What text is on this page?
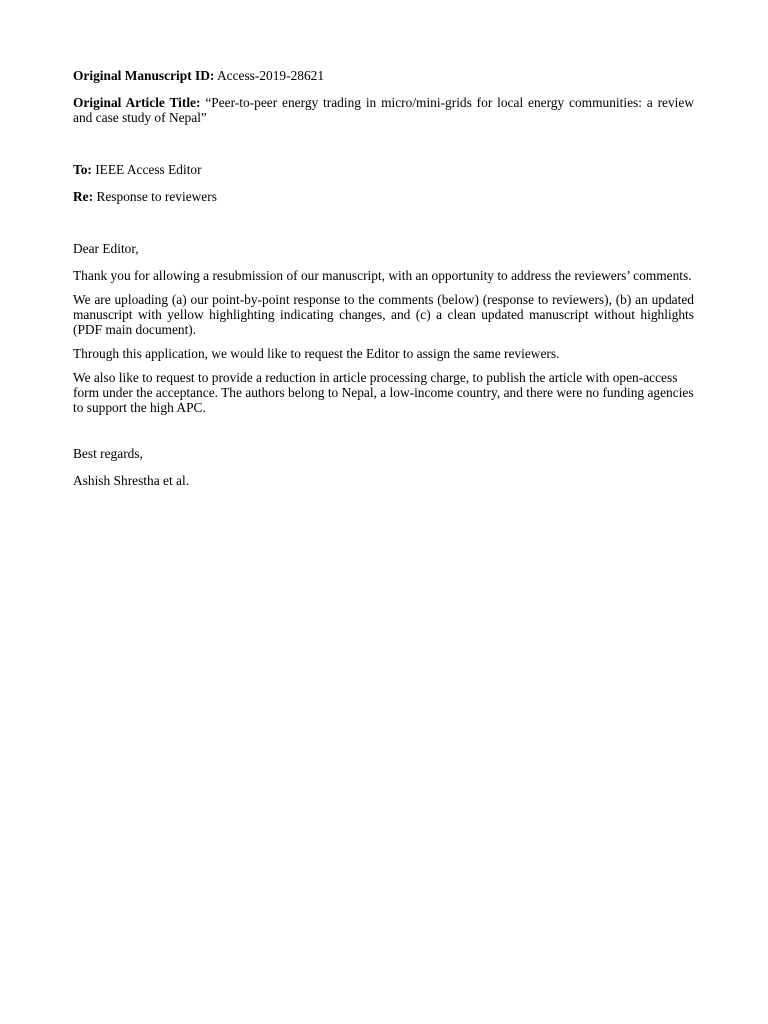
Original Manuscript ID: Access-2019-28621

Original Article Title: “Peer-to-peer energy trading in micro/mini-grids for local energy communities: a review and case study of Nepal”

To: IEEE Access Editor

Re: Response to reviewers

Dear Editor,

Thank you for allowing a resubmission of our manuscript, with an opportunity to address the reviewers’ comments.

We are uploading (a) our point-by-point response to the comments (below) (response to reviewers), (b) an updated manuscript with yellow highlighting indicating changes, and (c) a clean updated manuscript without highlights (PDF main document).

Through this application, we would like to request the Editor to assign the same reviewers.

We also like to request to provide a reduction in article processing charge, to publish the article with open-access form under the acceptance. The authors belong to Nepal, a low-income country, and there were no funding agencies to support the high APC.

Best regards,

Ashish Shrestha et al.
